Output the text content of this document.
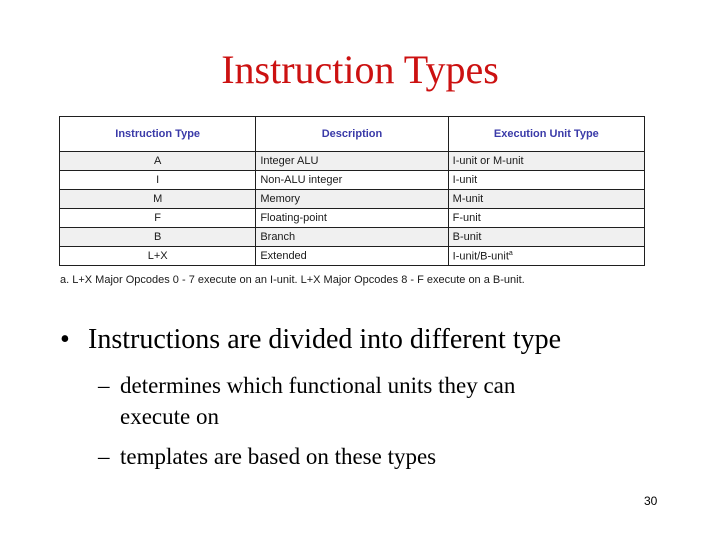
Instruction Types
Instruction Type	Description	Execution Unit Type
A	Integer ALU	I-unit or M-unit
I	Non-ALU integer	I-unit
M	Memory	M-unit
F	Floating-point	F-unit
B	Branch	B-unit
L+X	Extended	I-unit/B-unit$^a$
a. L+X Major Opcodes 0 - 7 execute on an I-unit. L+X Major Opcodes 8 - F execute on a B-unit.
• Instructions are divided into different type
– determines which functional units they can
execute on
– templates are based on these types
30
